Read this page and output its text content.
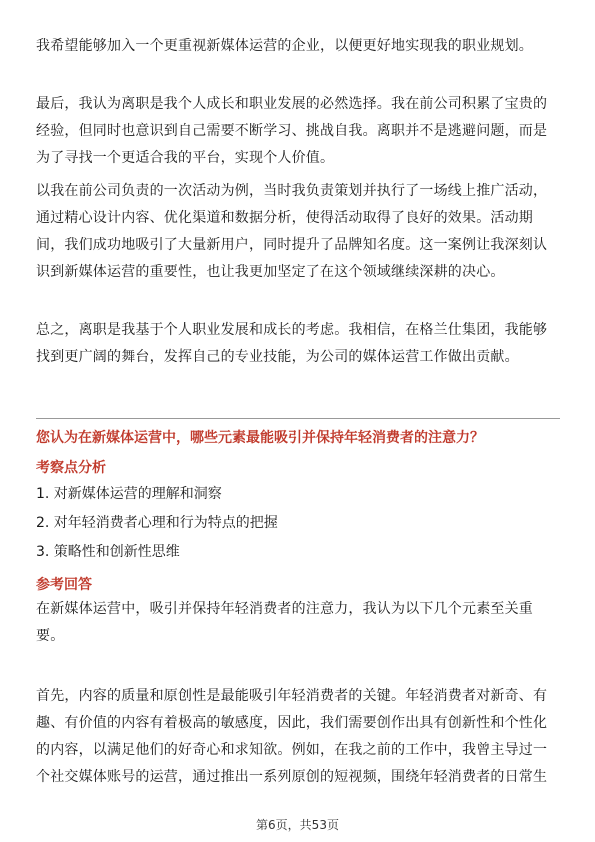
我希望能够加入一个更重视新媒体运营的企业，以便更好地实现我的职业规划。
最后，我认为离职是我个人成长和职业发展的必然选择。我在前公司积累了宝贵的经验，但同时也意识到自己需要不断学习、挑战自我。离职并不是逃避问题，而是为了寻找一个更适合我的平台，实现个人价值。
以我在前公司负责的一次活动为例，当时我负责策划并执行了一场线上推广活动，通过精心设计内容、优化渠道和数据分析，使得活动取得了良好的效果。活动期间，我们成功地吸引了大量新用户，同时提升了品牌知名度。这一案例让我深刻认识到新媒体运营的重要性，也让我更加坚定了在这个领域继续深耕的决心。
总之，离职是我基于个人职业发展和成长的考虑。我相信，在格兰仕集团，我能够找到更广阔的舞台，发挥自己的专业技能，为公司的媒体运营工作做出贡献。
您认为在新媒体运营中，哪些元素最能吸引并保持年轻消费者的注意力？
考察点分析
1. 对新媒体运营的理解和洞察
2. 对年轻消费者心理和行为特点的把握
3. 策略性和创新性思维
参考回答
在新媒体运营中，吸引并保持年轻消费者的注意力，我认为以下几个元素至关重要。
首先，内容的质量和原创性是最能吸引年轻消费者的关键。年轻消费者对新奇、有趣、有价值的内容有着极高的敏感度，因此，我们需要创作出具有创新性和个性化的内容，以满足他们的好奇心和求知欲。例如，在我之前的工作中，我曾主导过一个社交媒体账号的运营，通过推出一系列原创的短视频，围绕年轻消费者的日常生
第6页，共53页
